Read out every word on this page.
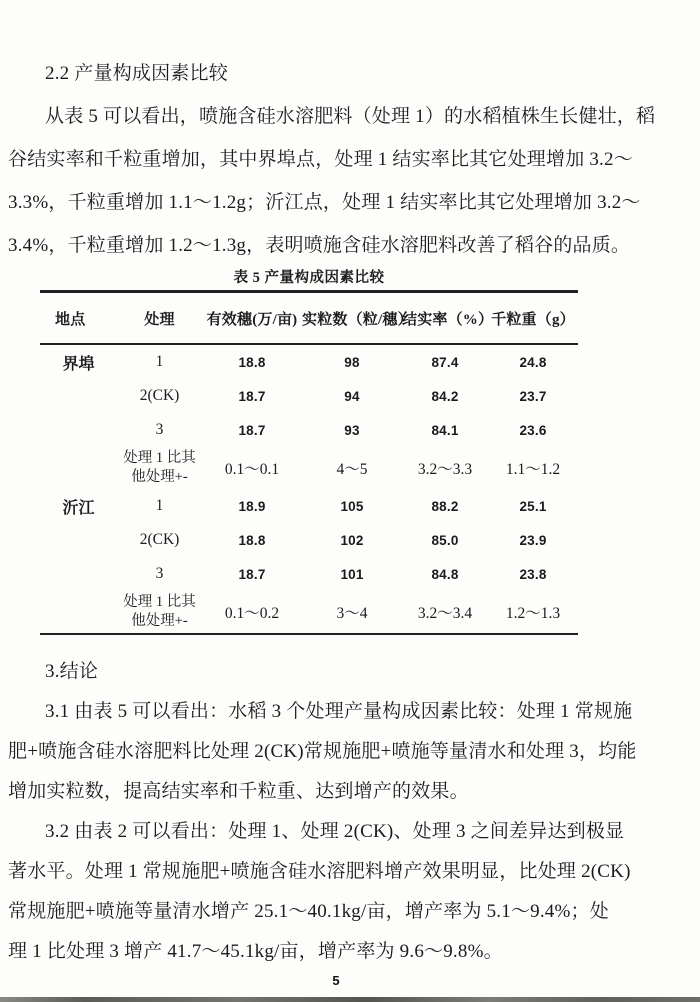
2.2 产量构成因素比较
从表 5 可以看出，喷施含硅水溶肥料（处理 1）的水稻植株生长健壮，稻
谷结实率和千粒重增加，其中界埠点，处理 1 结实率比其它处理增加 3.2～
3.3%，千粒重增加 1.1～1.2g；沂江点，处理 1 结实率比其它处理增加 3.2～
3.4%，千粒重增加 1.2～1.3g，表明喷施含硅水溶肥料改善了稻谷的品质。
表 5 产量构成因素比较
地点	处理	有效穗(万/亩)	实粒数（粒/穗）	结实率（%）	千粒重（g）
界埠	1	18.8	98	87.4	24.8
	2(CK)	18.7	94	84.2	23.7
	3	18.7	93	84.1	23.6
	处理 1 比其他处理+-	0.1～0.1	4～5	3.2～3.3	1.1～1.2
沂江	1	18.9	105	88.2	25.1
	2(CK)	18.8	102	85.0	23.9
	3	18.7	101	84.8	23.8
	处理 1 比其他处理+-	0.1～0.2	3～4	3.2～3.4	1.2～1.3
3.结论
3.1 由表 5 可以看出：水稻 3 个处理产量构成因素比较：处理 1 常规施
肥+喷施含硅水溶肥料比处理 2(CK)常规施肥+喷施等量清水和处理 3，均能
增加实粒数，提高结实率和千粒重、达到增产的效果。
3.2 由表 2 可以看出：处理 1、处理 2(CK)、处理 3 之间差异达到极显
著水平。处理 1 常规施肥+喷施含硅水溶肥料增产效果明显，比处理 2(CK)
常规施肥+喷施等量清水增产 25.1～40.1kg/亩，增产率为 5.1～9.4%；处
理 1 比处理 3 增产 41.7～45.1kg/亩，增产率为 9.6～9.8%。
5
